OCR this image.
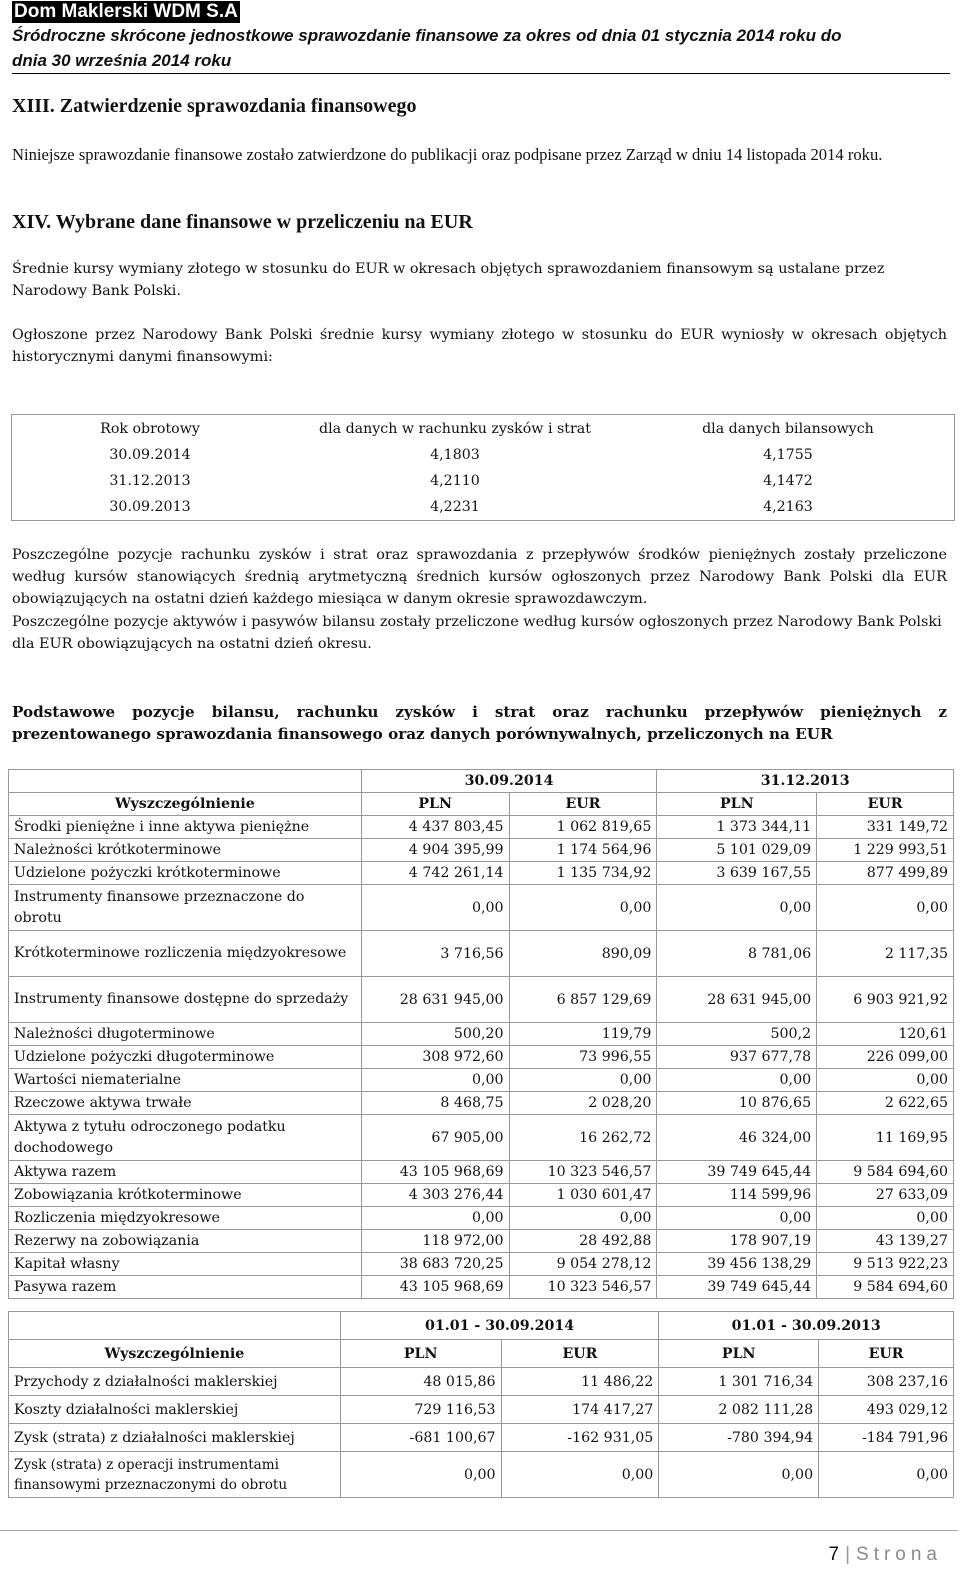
Dom Maklerski WDM S.A
Śródroczne skrócone jednostkowe sprawozdanie finansowe za okres od dnia 01 stycznia 2014 roku do
dnia 30 września 2014 roku
XIII. Zatwierdzenie sprawozdania finansowego
Niniejsze sprawozdanie finansowe zostało zatwierdzone do publikacji oraz podpisane przez Zarząd w dniu 14 listopada 2014 roku.
XIV. Wybrane dane finansowe w przeliczeniu na EUR
Średnie kursy wymiany złotego w stosunku do EUR w okresach objętych sprawozdaniem finansowym są ustalane przez Narodowy Bank Polski.
Ogłoszone przez Narodowy Bank Polski średnie kursy wymiany złotego w stosunku do EUR wyniosły w okresach objętych historycznymi danymi finansowymi:
Rok obrotowy	dla danych w rachunku zysków i strat	dla danych bilansowych
30.09.2014	4,1803	4,1755
31.12.2013	4,2110	4,1472
30.09.2013	4,2231	4,2163
Poszczególne pozycje rachunku zysków i strat oraz sprawozdania z przepływów środków pieniężnych zostały przeliczone według kursów stanowiących średnią arytmetyczną średnich kursów ogłoszonych przez Narodowy Bank Polski dla EUR obowiązujących na ostatni dzień każdego miesiąca w danym okresie sprawozdawczym.
Poszczególne pozycje aktywów i pasywów bilansu zostały przeliczone według kursów ogłoszonych przez Narodowy Bank Polski dla EUR obowiązujących na ostatni dzień okresu.
Podstawowe pozycje bilansu, rachunku zysków i strat oraz rachunku przepływów pieniężnych z prezentowanego sprawozdania finansowego oraz danych porównywalnych, przeliczonych na EUR
	30.09.2014		31.12.2013	
Wyszczególnienie	PLN	EUR	PLN	EUR
Środki pieniężne i inne aktywa pieniężne	4 437 803,45	1 062 819,65	1 373 344,11	331 149,72
Należności krótkoterminowe	4 904 395,99	1 174 564,96	5 101 029,09	1 229 993,51
Udzielone pożyczki krótkoterminowe	4 742 261,14	1 135 734,92	3 639 167,55	877 499,89
Instrumenty finansowe przeznaczone do obrotu	0,00	0,00	0,00	0,00
Krótkoterminowe rozliczenia międzyokresowe	3 716,56	890,09	8 781,06	2 117,35
Instrumenty finansowe dostępne do sprzedaży	28 631 945,00	6 857 129,69	28 631 945,00	6 903 921,92
Należności długoterminowe	500,20	119,79	500,2	120,61
Udzielone pożyczki długoterminowe	308 972,60	73 996,55	937 677,78	226 099,00
Wartości niematerialne	0,00	0,00	0,00	0,00
Rzeczowe aktywa trwałe	8 468,75	2 028,20	10 876,65	2 622,65
Aktywa z tytułu odroczonego podatku dochodowego	67 905,00	16 262,72	46 324,00	11 169,95
Aktywa razem	43 105 968,69	10 323 546,57	39 749 645,44	9 584 694,60
Zobowiązania krótkoterminowe	4 303 276,44	1 030 601,47	114 599,96	27 633,09
Rozliczenia międzyokresowe	0,00	0,00	0,00	0,00
Rezerwy na zobowiązania	118 972,00	28 492,88	178 907,19	43 139,27
Kapitał własny	38 683 720,25	9 054 278,12	39 456 138,29	9 513 922,23
Pasywa razem	43 105 968,69	10 323 546,57	39 749 645,44	9 584 694,60
	01.01 - 30.09.2014		01.01 - 30.09.2013	
Wyszczególnienie	PLN	EUR	PLN	EUR
Przychody z działalności maklerskiej	48 015,86	11 486,22	1 301 716,34	308 237,16
Koszty działalności maklerskiej	729 116,53	174 417,27	2 082 111,28	493 029,12
Zysk (strata) z działalności maklerskiej	-681 100,67	-162 931,05	-780 394,94	-184 791,96
Zysk (strata) z operacji instrumentami finansowymi przeznaczonymi do obrotu	0,00	0,00	0,00	0,00
7 | Strona
